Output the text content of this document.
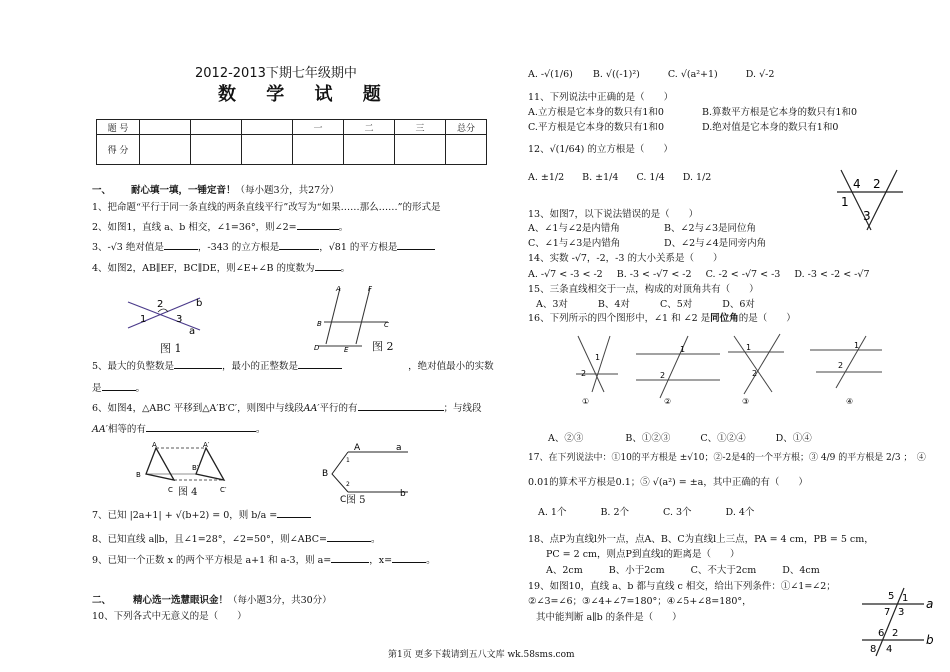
2012-2013下期七年级期中
数 学 试 题
题 号				一	二	三	总分
得 分							
一、 耐心填一填，一锤定音！（每小题3分，共27分）
1、把命题“平行于同一条直线的两条直线平行”改写为“如果……那么……”的形式是
2、如图1，直线 a、b 相交，∠1=36°，则∠2=	。
3、-√3 绝对值是	，-343 的立方根是	，√81 的平方根是
4、如图2，AB∥EF，BC∥DE，则∠E+∠B 的度数为	。
2	b
1	3
a
图 1
A
C
B
D	E
F
图 2
5、最大的负整数是	，最小的正整数是	，绝对值最小的实数
是	。
6、如图4，△ABC 平移到△A′B′C′，则图中与线段AA′平行的有	；与线段
AA′相等的有	。
A	A′
B
B′
C	C′
图 4
A	a
1
B
2
C
b
图 5
7、已知 |2a+1| + √(b+2) = 0，则 b/a =
8、已知直线 a∥b，且∠1=28°，∠2=50°，则∠ABC=	。
9、已知一个正数 x 的两个平方根是 a+1 和 a-3，则 a=	，x=	。
二、 精心选一选慧眼识金！（每小题3分，共30分）
10、下列各式中无意义的是（　　）
A. -√(1/6) B. √((-1)²)	C. √(a²+1)	D. √-2
11、下列说法中正确的是（　　）
A.立方根是它本身的数只有1和0	B.算数平方根是它本身的数只有1和0
C.平方根是它本身的数只有1和0	D.绝对值是它本身的数只有1和0
12、√(1/64) 的立方根是（　　）
A. ±1/2 B. ±1/4 C. 1/4 D. 1/2	4 2
1
3
13、如图7，以下说法错误的是（　　）
A、∠1与∠2是内错角	B、∠2与∠3是同位角
C、∠1与∠3是内错角	D、∠2与∠4是同旁内角
14、实数 -√7，-2，-3 的大小关系是（　　）
A. -√7 < -3 < -2 B. -3 < -√7 < -2 C. -2 < -√7 < -3 D. -3 < -2 < -√7
15、三条直线相交于一点，构成的对顶角共有（　　）
A、3对	B、4对	C、5对	D、6对
16、下列所示的四个图形中，∠1 和 ∠2 是同位角的是（　　）
1
2
①
1
2
②
1
2
③
1
2
④
A、②③	B、①②③	C、①②④	D、①④
17、在下列说法中：①10的平方根是 ±√10；②-2是4的一个平方根；③ 4/9 的平方根是 2/3 ；　④
0.01的算术平方根是0.1；⑤ √(a²) = ±a，其中正确的有（　　）
A. 1个	B. 2个	C. 3个	D. 4个
18、点P为直线l外一点，点A、B、C为直线l上三点，PA = 4 cm，PB = 5 cm，
PC = 2 cm，则点P到直线l的距离是（　　）
A、2cm	B、小于2cm	C、不大于2cm	D、4cm
19、如图10，直线 a、b 都与直线 c 相交，给出下列条件：①∠1=∠2；
②∠3=∠6；③∠4+∠7=180°；④∠5+∠8=180°，
其中能判断 a∥b 的条件是（　　）
5 1 a
7 3
6 2
8 4
b
第1页 更多下载请到五八文库 wk.58sms.com
